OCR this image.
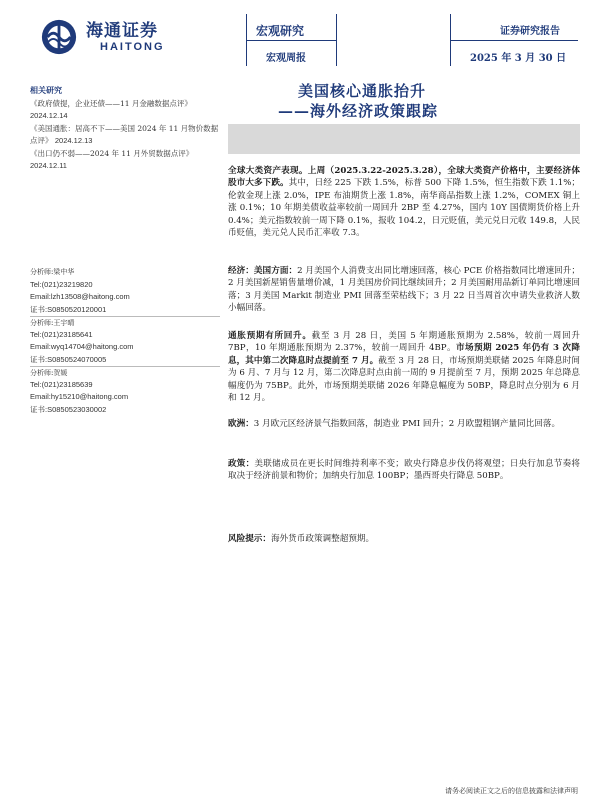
海通证券
HAITONG
宏观研究
宏观周报
证券研究报告
2025 年 3 月 30 日
美国核心通胀抬升
——海外经济政策跟踪
相关研究
《政府债提，企业还债——11 月金融数据点评》 2024.12.14
《美国通胀：居高不下——美国 2024 年 11 月物价数据点评》 2024.12.13
《出口仍不弱——2024 年 11 月外贸数据点评》 2024.12.11
分析师:梁中华
Tel:(021)23219820
Email:lzh13508@haitong.com
证书:S0850520120001
分析师:王宇晴
Tel:(021)23185641
Email:wyq14704@haitong.com
证书:S0850524070005
分析师:贺媛
Tel:(021)23185639
Email:hy15210@haitong.com
证书:S0850523030002
全球大类资产表现。上周（2025.3.22-2025.3.28），全球大类资产价格中，主要经济体股市大多下跌。其中，日经 225 下跌 1.5%，标普 500 下降 1.5%，恒生指数下跌 1.1%；伦敦金现上涨 2.0%，IPE 布油期货上涨 1.8%，南华商品指数上涨 1.2%，COMEX 铜上涨 0.1%；10 年期美债收益率较前一周回升 2BP 至 4.27%，国内 10Y 国债期货价格上升 0.4%；美元指数较前一周下降 0.1%，报收 104.2，日元贬值，美元兑日元收 149.8，人民币贬值，美元兑人民币汇率收 7.3。
经济：美国方面：2 月美国个人消费支出同比增速回落，核心 PCE 价格指数同比增速回升；2 月美国新屋销售量增价减，1 月美国房价同比继续回升；2 月美国耐用品新订单同比增速回落；3 月美国 Markit 制造业 PMI 回落至荣枯线下；3 月 22 日当周首次申请失业救济人数小幅回落。
通胀预期有所回升。截至 3 月 28 日，美国 5 年期通胀预期为 2.58%，较前一周回升 7BP，10 年期通胀预期为 2.37%，较前一周回升 4BP。市场预期 2025 年仍有 3 次降息，其中第二次降息时点提前至 7 月。截至 3 月 28 日，市场预期美联储 2025 年降息时间为 6 月、7 月与 12 月，第二次降息时点由前一周的 9 月提前至 7 月，预期 2025 年总降息幅度仍为 75BP。此外，市场预期美联储 2026 年降息幅度为 50BP，降息时点分别为 6 月和 12 月。
欧洲：3 月欧元区经济景气指数回落，制造业 PMI 回升；2 月欧盟粗钢产量同比回落。
政策：美联储成员在更长时间维持利率不变；欧央行降息步伐仍将观望；日央行加息节奏将取决于经济前景和物价；加纳央行加息 100BP；墨西哥央行降息 50BP。
风险提示：海外货币政策调整超预期。
请务必阅读正文之后的信息披露和法律声明
